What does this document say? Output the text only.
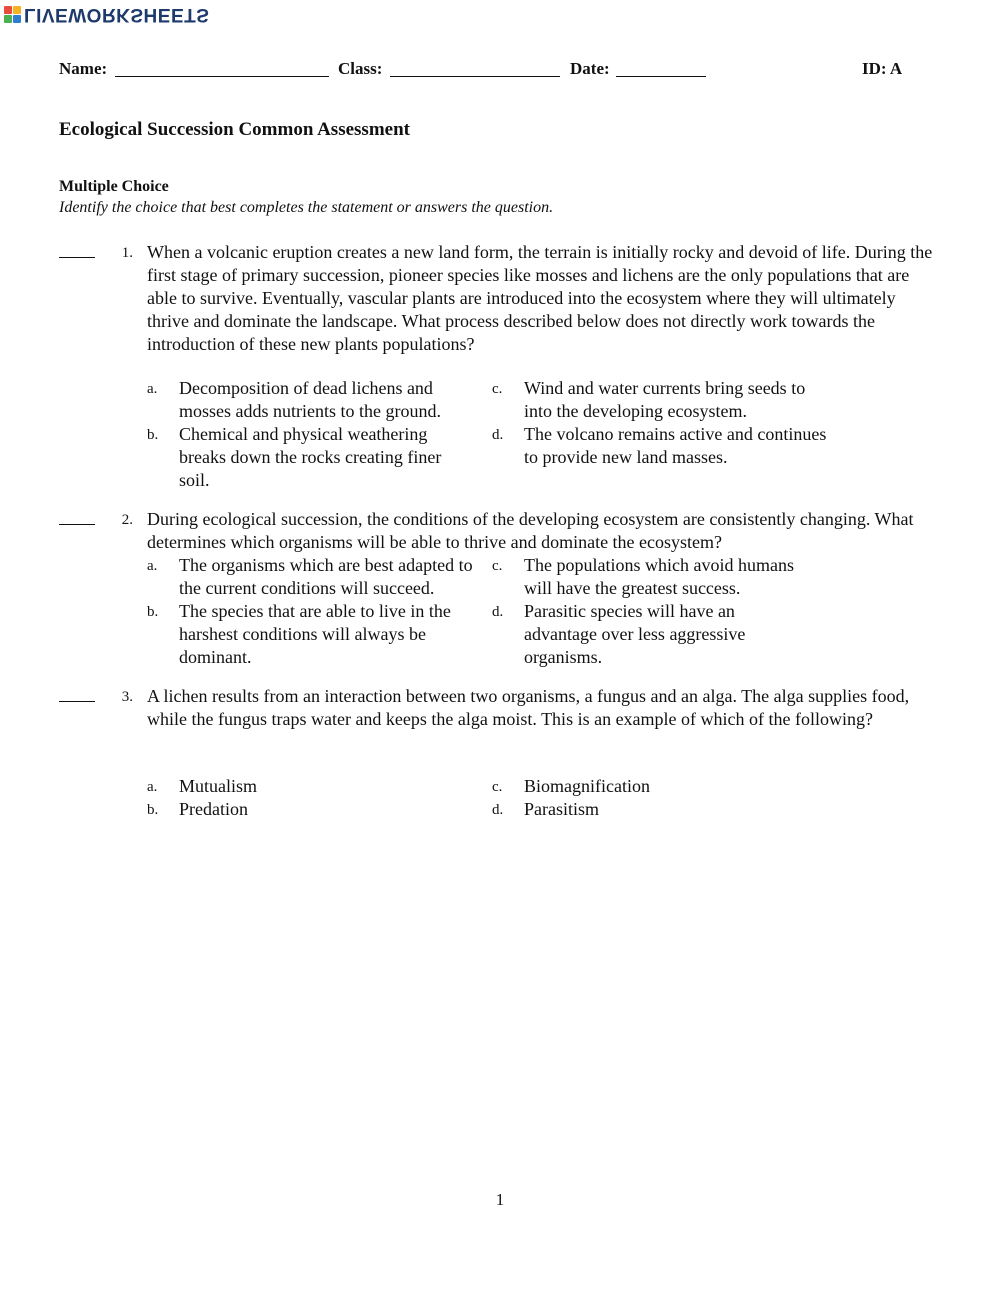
LIVEWORKSHEETS
Name:	Class:	Date:	ID: A
Ecological Succession Common Assessment
Multiple Choice
Identify the choice that best completes the statement or answers the question.
1. When a volcanic eruption creates a new land form, the terrain is initially rocky and devoid of life. During the first stage of primary succession, pioneer species like mosses and lichens are the only populations that are able to survive. Eventually, vascular plants are introduced into the ecosystem where they will ultimately thrive and dominate the landscape. What process described below does not directly work towards the introduction of these new plants populations?
a. Decomposition of dead lichens and mosses adds nutrients to the ground.
b. Chemical and physical weathering breaks down the rocks creating finer soil.
c. Wind and water currents bring seeds to into the developing ecosystem.
d. The volcano remains active and continues to provide new land masses.
2. During ecological succession, the conditions of the developing ecosystem are consistently changing. What determines which organisms will be able to thrive and dominate the ecosystem?
a. The organisms which are best adapted to the current conditions will succeed.
b. The species that are able to live in the harshest conditions will always be dominant.
c. The populations which avoid humans will have the greatest success.
d. Parasitic species will have an advantage over less aggressive organisms.
3. A lichen results from an interaction between two organisms, a fungus and an alga. The alga supplies food, while the fungus traps water and keeps the alga moist. This is an example of which of the following?
a. Mutualism
b. Predation
c. Biomagnification
d. Parasitism
1
